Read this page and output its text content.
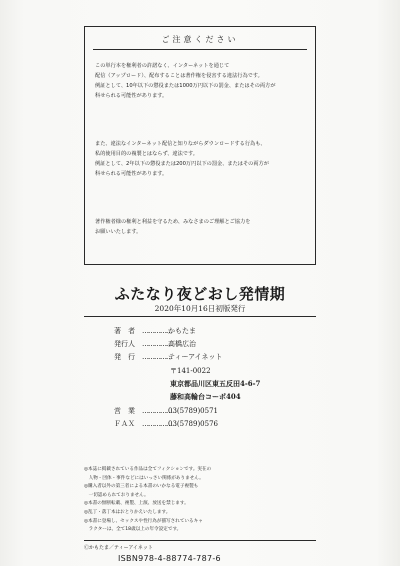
ご注意ください
この単行本を権利者の許諾なく、インターネットを通じて
配信（アップロード）、配布することは著作権を侵害する違法行為です。
例証として、10年以下の懲役または1000万円以下の罰金、またはその両方が
科せられる可能性があります。
また、違法なインターネット配信と知りながらダウンロードする行為も、
私的使用目的の複製とはならず、違法です。
例証として、2年以下の懲役または200万円以下の罰金、またはその両方が
科せられる可能性があります。
著作権者様の権利と利益を守るため、みなさまのご理解とご協力を
お願いいたします。
ふたなり夜どおし発情期
2020年10月16日初版発行
著　者 ……………かもたま
発行人 ……………高橋広治
発　行 ……………ティーアイネット
〒141-0022
東京都品川区東五反田4-6-7
藤和高輪台コーポ404
営　業 ……………03(5789)0571
ＦＡＸ ……………03(5789)0576
◎本誌に掲載されている作品は全てフィクションです。実在の
　人物・団体・事件などにはいっさい関係がありません。
◎購入者以外の第三者による本書のいかなる電子複製も
　一切認められておりません。
◎本書の無断転載、複製、上演、放送を禁じます。
◎乱丁・落丁本はおとりかえいたします。
◎本書に登場し、セックスや性行為が描写されているキャ
　ラクターは、全て18歳以上の年令設定です。
Ⓒかもたま／ティーアイネット
ISBN978-4-88774-787-6
